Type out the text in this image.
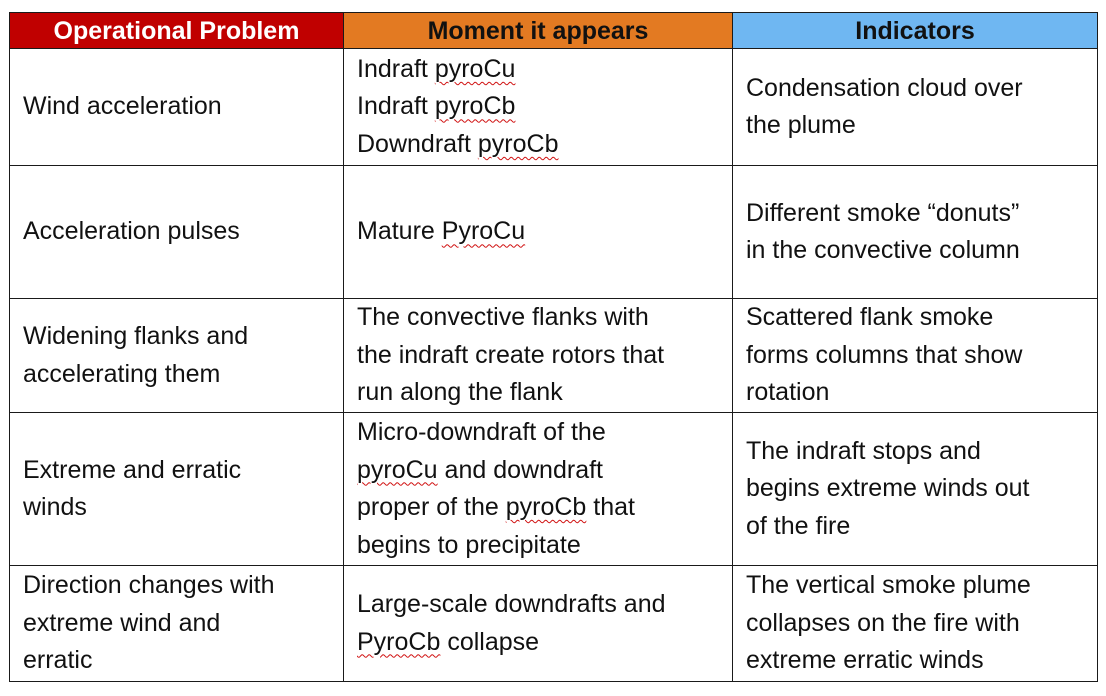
Operational Problem	Moment it appears	Indicators

Wind acceleration	Indraft pyroCu
Indraft pyroCb
Downdraft pyroCb	Condensation cloud over
the plume

Acceleration pulses	Mature PyroCu	Different smoke “donuts”
in the convective column

Widening flanks and
accelerating them	The convective flanks with
the indraft create rotors that
run along the flank	Scattered flank smoke
forms columns that show
rotation

Extreme and erratic
winds	Micro-downdraft of the
pyroCu and downdraft
proper of the pyroCb that
begins to precipitate	The indraft stops and
begins extreme winds out
of the fire

Direction changes with
extreme wind and
erratic	Large-scale downdrafts and
PyroCb collapse	The vertical smoke plume
collapses on the fire with
extreme erratic winds
